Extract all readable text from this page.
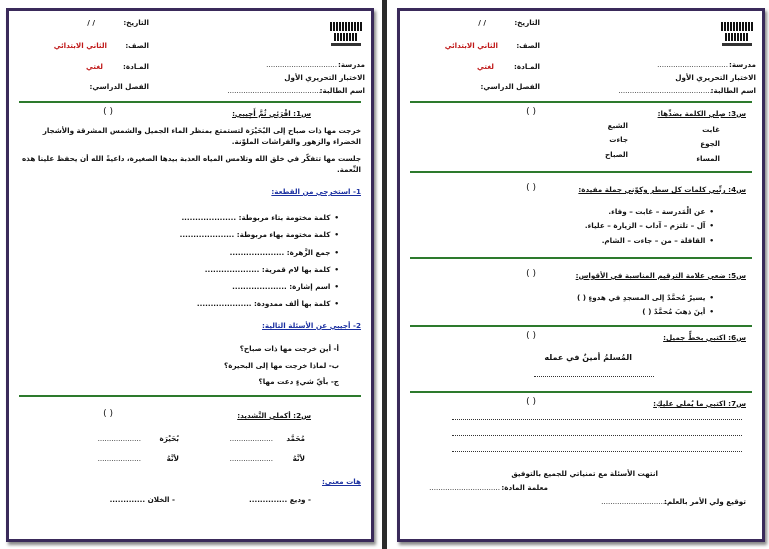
التاريخ:
/ /
الصف:
الثاني الابتدائي
المـادة:
لغتي
الفصل الدراسي:
مدرسة:
...............................
الاختبار التحريري الأول
اسم الطالبة:
.........................................
س1: اقْرَئِي ثُمَّ أَجِيبي:
( )
خرجت مها ذات صباح إلى البُحَيْرَة لتستمتع بمنظر الماء الجميل والشمس المشرقة والأشجار الخضراء والزهور والفراشات الملوّنة.
جلست مها تتفكّر في خلق الله وتلامس المياه العذبة بيدها الصغيرة، داعيةً الله أن يحفظ علينا هذه النِّعمة.
1- استخرجي من القطعة:
• كلمة مختومة بتاء مربوطة: ....................
• كلمة مختومة بهاء مربوطة: ....................
• جمع الزَّهرة: ....................
• كلمة بها لام قمرية: ....................
• اسم إشارة: ....................
• كلمة بها ألف ممدودة: ....................
2- أجيبي عن الأسئلة التالية:
أ- أين خرجت مها ذات صباح؟
ب- لماذا خرجت مها إلى البحيرة؟
ج- بأيّ شيءٍ دعت مها؟
س2: أكملي التَّشديد:
( )
مُحَمَّد
...................
بُحَيْرَة
...................
لأنَّهُ
...................
لأنَّهُ
...................
هات معنى:
- وديع ..............
- الخلان .............
التاريخ:
/ /
الصف:
الثاني الابتدائي
المـادة:
لغتي
الفصل الدراسي:
مدرسة:
...............................
الاختبار التحريري الأول
اسم الطالبة:
.........................................
س3: صِلي الكلمة بضدِّها:
( )
غابت
الجوع
المساء
الشبع
جاءت
الصباح
س4: رتِّبي كلمات كل سطر وكوّني جملة مفيدة:
( )
• عن الْمَدرسة – غابت – وفاء.
• آل – تلتزم – آداب – الزيارة – علياء.
• القافلة – من – جاءت – الشام.
س5: ضعي علامة الترقيم المناسبة في الأقواس:
( )
• يسيرُ مُحمَّدٌ إلى المسجدِ في هدوءٍ ( )
• أينَ ذهبَ مُحمَّدٌ ( )
س6: اكتبي بخطٍّ جميل:
( )
المُسلمُ أمينٌ في عمله
س7: اكتبي ما يُملى عليكِ:
( )
انتهت الأسئلة مع تمنياتي للجميع بالتوفيق
معلمة المادة:
...............................
توقيع ولي الأمر بالعلم:
...............................
